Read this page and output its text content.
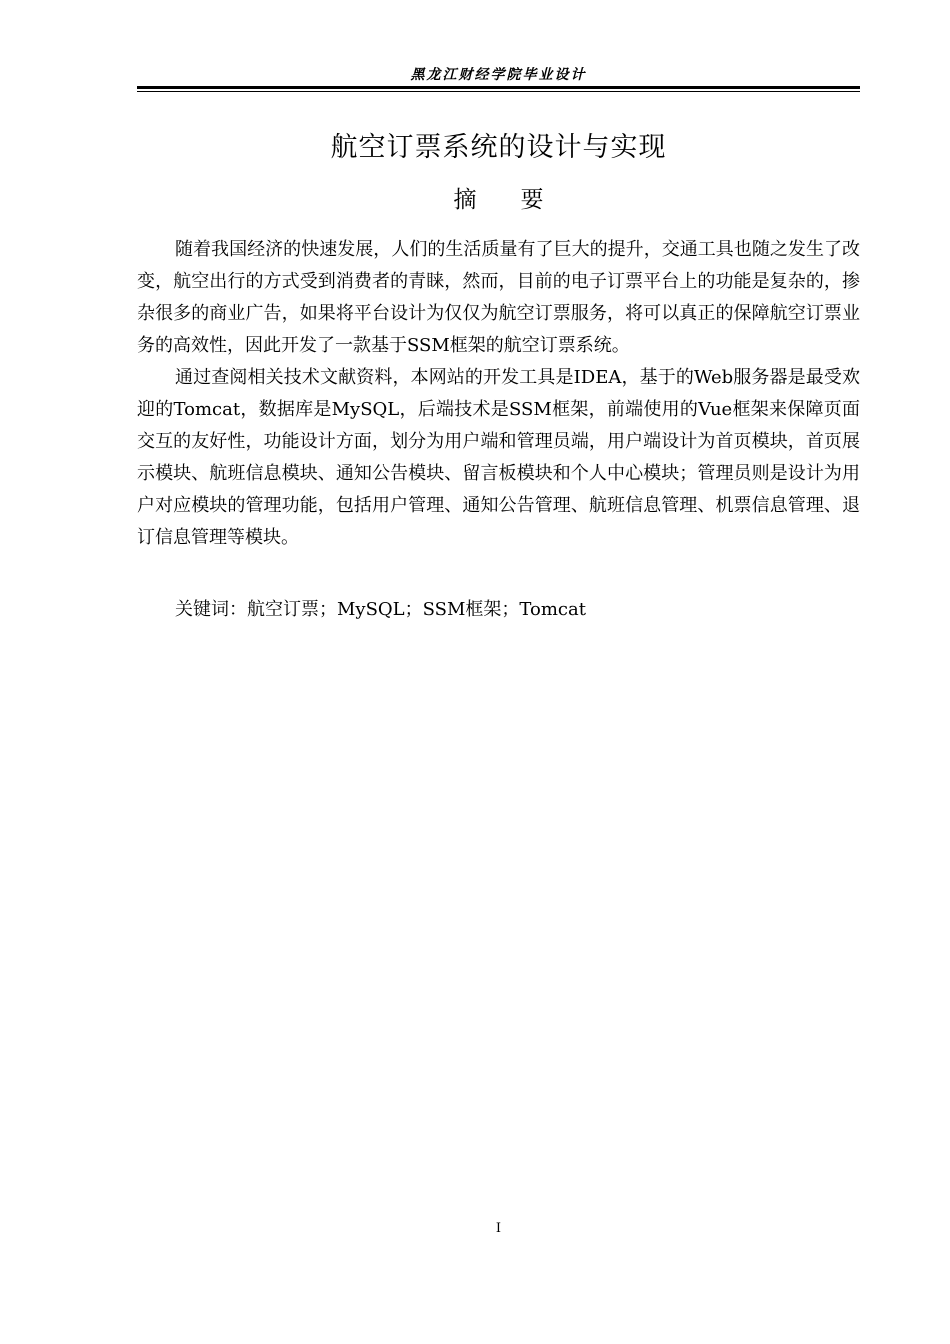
黑龙江财经学院毕业设计
航空订票系统的设计与实现
摘要

随着我国经济的快速发展，人们的生活质量有了巨大的提升，交通工具也随之发生了改变，航空出行的方式受到消费者的青睐，然而，目前的电子订票平台上的功能是复杂的，掺杂很多的商业广告，如果将平台设计为仅仅为航空订票服务，将可以真正的保障航空订票业务的高效性，因此开发了一款基于SSM框架的航空订票系统。

通过查阅相关技术文献资料，本网站的开发工具是IDEA，基于的Web服务器是最受欢迎的Tomcat，数据库是MySQL，后端技术是SSM框架，前端使用的Vue框架来保障页面交互的友好性，功能设计方面，划分为用户端和管理员端，用户端设计为首页模块，首页展示模块、航班信息模块、通知公告模块、留言板模块和个人中心模块；管理员则是设计为用户对应模块的管理功能，包括用户管理、通知公告管理、航班信息管理、机票信息管理、退订信息管理等模块。

关键词：航空订票；MySQL；SSM框架；Tomcat
I
